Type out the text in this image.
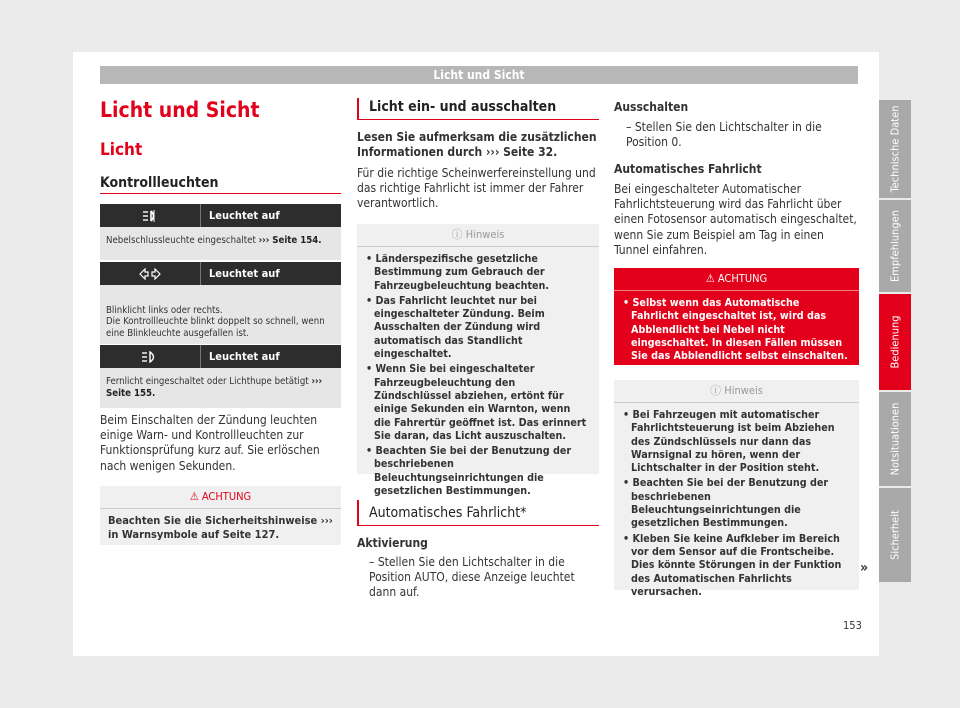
Licht und Sicht
Licht und Sicht
Licht
Kontrollleuchten
Leuchtet auf
Nebelschlussleuchte eingeschaltet ››› Seite 154.
Leuchtet auf

Blinklicht links oder rechts.
Die Kontrollleuchte blinkt doppelt so schnell, wenn eine Blinkleuchte ausgefallen ist.

Leuchtet auf
Fernlicht eingeschaltet oder Lichthupe betätigt ››› Seite 155.
Beim Einschalten der Zündung leuchten einige Warn- und Kontrollleuchten zur Funktionsprüfung kurz auf. Sie erlöschen nach wenigen Sekunden.
⚠ ACHTUNG
Beachten Sie die Sicherheitshinweise ››› in Warnsymbole auf Seite 127.
Licht ein- und ausschalten
Lesen Sie aufmerksam die zusätzlichen Informationen durch ››› Seite 32.
Für die richtige Scheinwerfereinstellung und das richtige Fahrlicht ist immer der Fahrer verantwortlich.
ⓘ Hinweis

• Länderspezifische gesetzliche Bestimmung zum Gebrauch der Fahrzeugbeleuchtung beachten.

• Das Fahrlicht leuchtet nur bei eingeschalteter Zündung. Beim Ausschalten der Zündung wird automatisch das Standlicht eingeschaltet.

• Wenn Sie bei eingeschalteter Fahrzeugbeleuchtung den Zündschlüssel abziehen, ertönt für einige Sekunden ein Warnton, wenn die Fahrertür geöffnet ist. Das erinnert Sie daran, das Licht auszuschalten.

• Beachten Sie bei der Benutzung der beschriebenen Beleuchtungseinrichtungen die gesetzlichen Bestimmungen.

Automatisches Fahrlicht*
Aktivierung
– Stellen Sie den Lichtschalter in die Position AUTO, diese Anzeige leuchtet dann auf.
Ausschalten
– Stellen Sie den Lichtschalter in die Position 0.
Automatisches Fahrlicht
Bei eingeschalteter Automatischer Fahrlichtsteuerung wird das Fahrlicht über einen Fotosensor automatisch eingeschaltet, wenn Sie zum Beispiel am Tag in einen Tunnel einfahren.
⚠ ACHTUNG

• Selbst wenn das Automatische Fahrlicht eingeschaltet ist, wird das Abblendlicht bei Nebel nicht eingeschaltet. In diesen Fällen müssen Sie das Abblendlicht selbst einschalten.

ⓘ Hinweis

• Bei Fahrzeugen mit automatischer Fahrlichtsteuerung ist beim Abziehen des Zündschlüssels nur dann das Warnsignal zu hören, wenn der Lichtschalter in der Position steht.

• Beachten Sie bei der Benutzung der beschriebenen Beleuchtungseinrichtungen die gesetzlichen Bestimmungen.

• Kleben Sie keine Aufkleber im Bereich vor dem Sensor auf die Frontscheibe. Dies könnte Störungen in der Funktion des Automatischen Fahrlichts verursachen.

»
Technische Daten
Empfehlungen
Bedienung
Notsituationen
Sicherheit
153
